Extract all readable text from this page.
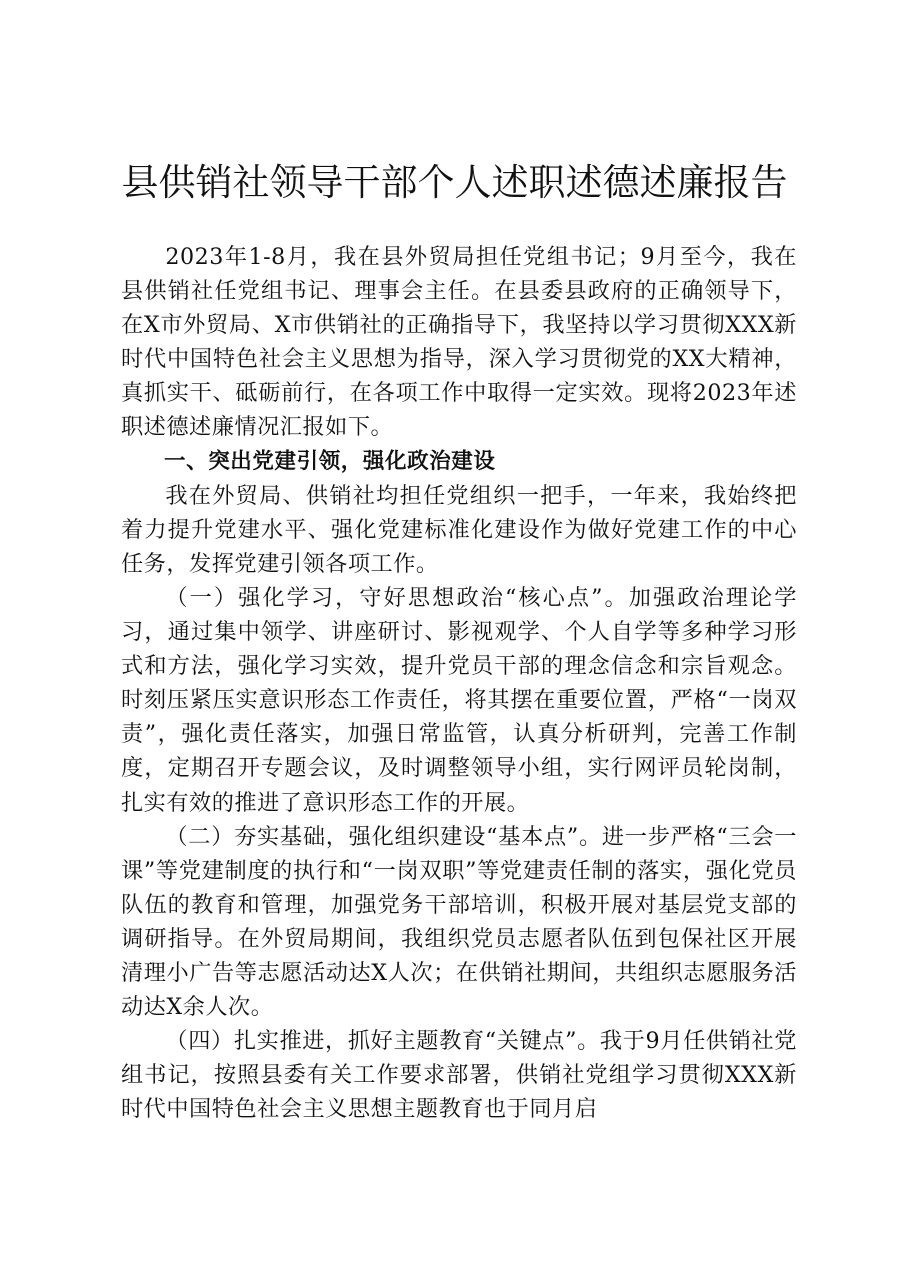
县供销社领导干部个人述职述德述廉报告

2023年1-8月，我在县外贸局担任党组书记；9月至今，我在县供销社任党组书记、理事会主任。在县委县政府的正确领导下，在X市外贸局、X市供销社的正确指导下，我坚持以学习贯彻XXX新时代中国特色社会主义思想为指导，深入学习贯彻党的XX大精神，真抓实干、砥砺前行，在各项工作中取得一定实效。现将2023年述职述德述廉情况汇报如下。

一、突出党建引领，强化政治建设

我在外贸局、供销社均担任党组织一把手，一年来，我始终把着力提升党建水平、强化党建标准化建设作为做好党建工作的中心任务，发挥党建引领各项工作。

（一）强化学习，守好思想政治“核心点”。加强政治理论学习，通过集中领学、讲座研讨、影视观学、个人自学等多种学习形式和方法，强化学习实效，提升党员干部的理念信念和宗旨观念。时刻压紧压实意识形态工作责任，将其摆在重要位置，严格“一岗双责”，强化责任落实，加强日常监管，认真分析研判，完善工作制度，定期召开专题会议，及时调整领导小组，实行网评员轮岗制，扎实有效的推进了意识形态工作的开展。

（二）夯实基础，强化组织建设“基本点”。进一步严格“三会一课”等党建制度的执行和“一岗双职”等党建责任制的落实，强化党员队伍的教育和管理，加强党务干部培训，积极开展对基层党支部的调研指导。在外贸局期间，我组织党员志愿者队伍到包保社区开展清理小广告等志愿活动达X人次；在供销社期间，共组织志愿服务活动达X余人次。

（四）扎实推进，抓好主题教育“关键点”。我于9月任供销社党组书记，按照县委有关工作要求部署，供销社党组学习贯彻XXX新时代中国特色社会主义思想主题教育也于同月启
